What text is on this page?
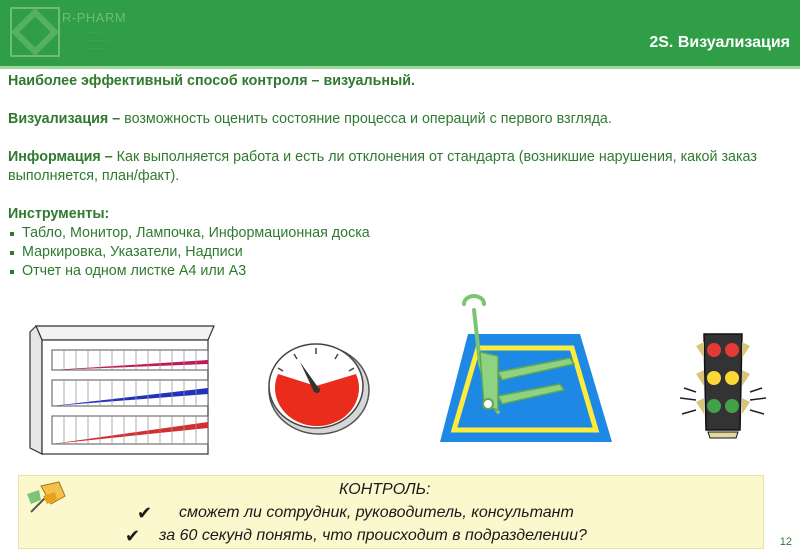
R-PHARM
........
............
..........	2S. Визуализация
Наиболее эффективный способ контроля – визуальный.
Визуализация – возможность оценить состояние процесса и операций с первого взгляда.
Информация – Как выполняется работа и есть ли отклонения от стандарта (возникшие нарушения, какой заказ выполняется, план/факт).
Инструменты:
Табло, Монитор, Лампочка, Информационная доска
Маркировка, Указатели, Надписи
Отчет на одном листке А4 или А3
КОНТРОЛЬ:
✔ сможет ли сотрудник, руководитель, консультант
✔ за 60 секунд понять, что происходит в подразделении?	12
